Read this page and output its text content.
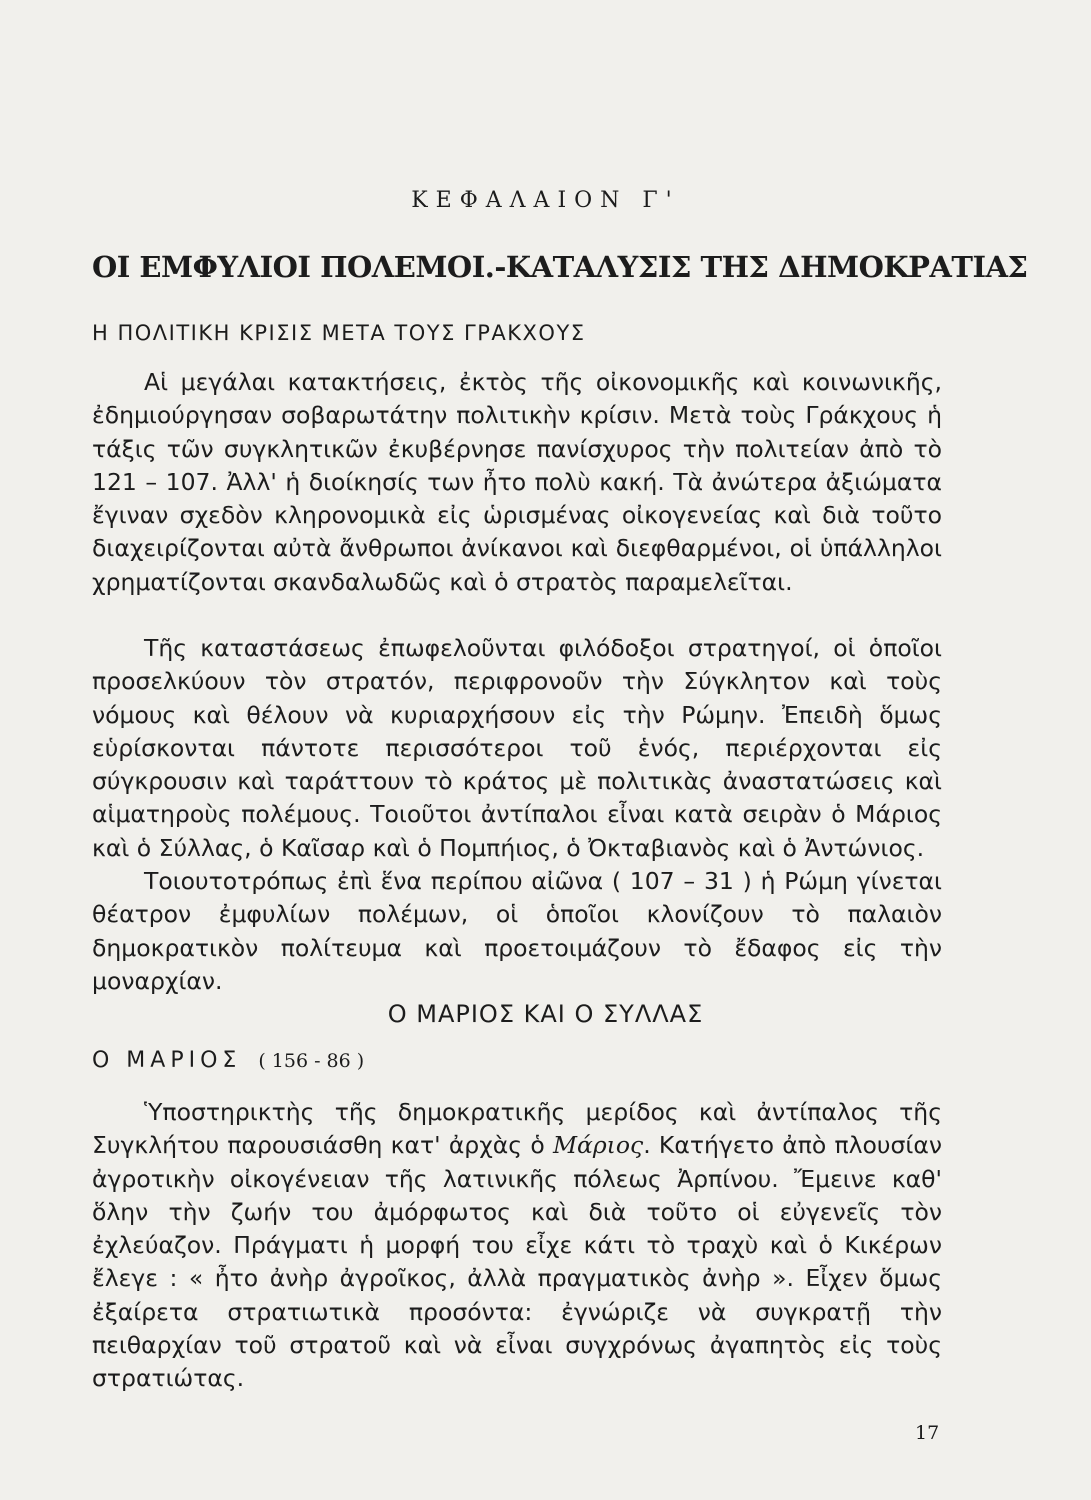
ΚΕΦΑΛΑΙΟΝ Γ'
ΟΙ ΕΜΦΥΛΙΟΙ ΠΟΛΕΜΟΙ.-ΚΑΤΑΛΥΣΙΣ ΤΗΣ ΔΗΜΟΚΡΑΤΙΑΣ
Η ΠΟΛΙΤΙΚΗ ΚΡΙΣΙΣ ΜΕΤΑ ΤΟΥΣ ΓΡΑΚΧΟΥΣ

Αἱ μεγάλαι κατακτήσεις, ἐκτὸς τῆς οἰκονομικῆς καὶ κοινωνικῆς, ἐδημιούργησαν σοβαρωτάτην πολιτικὴν κρίσιν. Μετὰ τοὺς Γράκχους ἡ τάξις τῶν συγκλητικῶν ἐκυβέρνησε πανίσχυρος τὴν πολιτείαν ἀπὸ τὸ 121 – 107. Ἀλλ' ἡ διοίκησίς των ἦτο πολὺ κακή. Τὰ ἀνώτερα ἀξιώματα ἔγιναν σχεδὸν κληρονομικὰ εἰς ὡρισμένας οἰκογενείας καὶ διὰ τοῦτο διαχειρίζονται αὐτὰ ἄνθρωποι ἀνίκανοι καὶ διεφθαρμένοι, οἱ ὑπάλληλοι χρηματίζονται σκανδαλωδῶς καὶ ὁ στρατὸς παραμελεῖται.

Τῆς καταστάσεως ἐπωφελοῦνται φιλόδοξοι στρατηγοί, οἱ ὁποῖοι προσελκύουν τὸν στρατόν, περιφρονοῦν τὴν Σύγκλητον καὶ τοὺς νόμους καὶ θέλουν νὰ κυριαρχήσουν εἰς τὴν Ρώμην. Ἐπειδὴ ὅμως εὑρίσκονται πάντοτε περισσότεροι τοῦ ἑνός, περιέρχονται εἰς σύγκρουσιν καὶ ταράττουν τὸ κράτος μὲ πολιτικὰς ἀναστατώσεις καὶ αἱματηροὺς πολέμους. Τοιοῦτοι ἀντίπαλοι εἶναι κατὰ σειρὰν ὁ Μάριος καὶ ὁ Σύλλας, ὁ Καῖσαρ καὶ ὁ Πομπήιος, ὁ Ὀκταβιανὸς καὶ ὁ Ἀντώνιος.

Τοιουτοτρόπως ἐπὶ ἕνα περίπου αἰῶνα ( 107 – 31 ) ἡ Ρώμη γίνεται θέατρον ἐμφυλίων πολέμων, οἱ ὁποῖοι κλονίζουν τὸ παλαιὸν δημοκρατικὸν πολίτευμα καὶ προετοιμάζουν τὸ ἔδαφος εἰς τὴν μοναρχίαν.

Ο ΜΑΡΙΟΣ ΚΑΙ Ο ΣΥΛΛΑΣ
Ο ΜΑΡΙΟΣ ( 156 - 86 )

Ὑποστηρικτὴς τῆς δημοκρατικῆς μερίδος καὶ ἀντίπαλος τῆς Συγκλήτου παρουσιάσθη κατ' ἀρχὰς ὁ Μάριος. Κατήγετο ἀπὸ πλουσίαν ἀγροτικὴν οἰκογένειαν τῆς λατινικῆς πόλεως Ἀρπίνου. Ἔμεινε καθ' ὅλην τὴν ζωήν του ἀμόρφωτος καὶ διὰ τοῦτο οἱ εὐγενεῖς τὸν ἐχλεύαζον. Πράγματι ἡ μορφή του εἶχε κάτι τὸ τραχὺ καὶ ὁ Κικέρων ἔλεγε : « ἦτο ἀνὴρ ἀγροῖκος, ἀλλὰ πραγματικὸς ἀνὴρ ». Εἶχεν ὅμως ἐξαίρετα στρατιωτικὰ προσόντα: ἐγνώριζε νὰ συγκρατῇ τὴν πειθαρχίαν τοῦ στρατοῦ καὶ νὰ εἶναι συγχρόνως ἀγαπητὸς εἰς τοὺς στρατιώτας.

17
